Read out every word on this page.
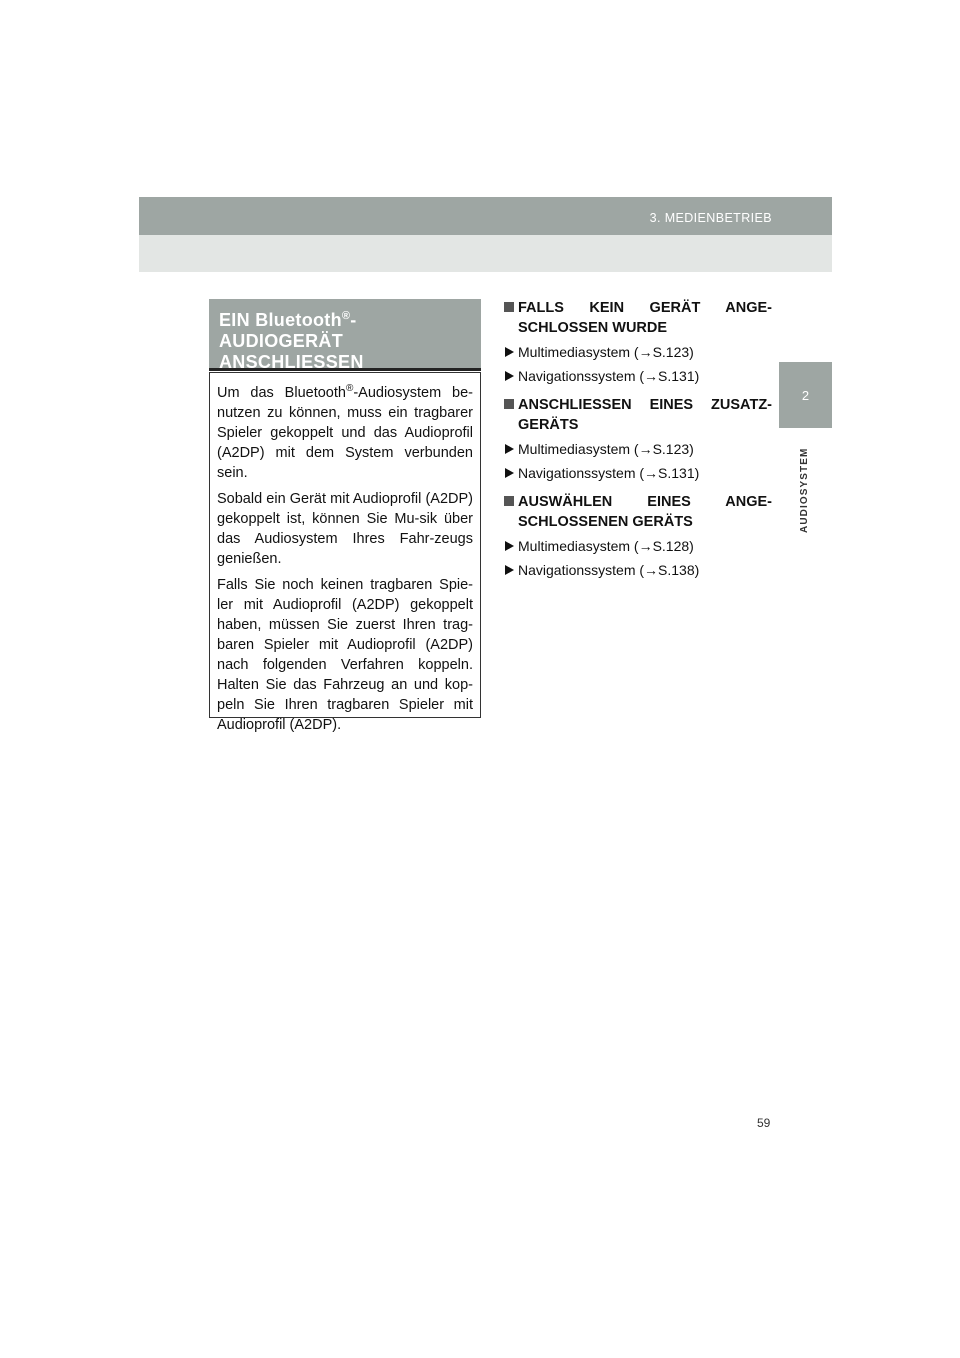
3. MEDIENBETRIEB
2
AUDIOSYSTEM
EIN Bluetooth®-
AUDIOGERÄT
ANSCHLIESSEN

Um das Bluetooth®-Audiosystem be-nutzen zu können, muss ein tragbarer Spieler gekoppelt und das Audioprofil (A2DP) mit dem System verbunden sein.

Sobald ein Gerät mit Audioprofil (A2DP) gekoppelt ist, können Sie Mu-sik über das Audiosystem Ihres Fahr-zeugs genießen.

Falls Sie noch keinen tragbaren Spie-ler mit Audioprofil (A2DP) gekoppelt haben, müssen Sie zuerst Ihren trag-baren Spieler mit Audioprofil (A2DP) nach folgenden Verfahren koppeln. Halten Sie das Fahrzeug an und kop-peln Sie Ihren tragbaren Spieler mit Audioprofil (A2DP).

FALLS KEIN GERÄT ANGE-SCHLOSSEN WURDE
Multimediasystem (→S.123)
Navigationssystem (→S.131)
ANSCHLIESSEN EINES ZUSATZ-GERÄTS
Multimediasystem (→S.123)
Navigationssystem (→S.131)
AUSWÄHLEN EINES ANGE-SCHLOSSENEN GERÄTS
Multimediasystem (→S.128)
Navigationssystem (→S.138)
59
